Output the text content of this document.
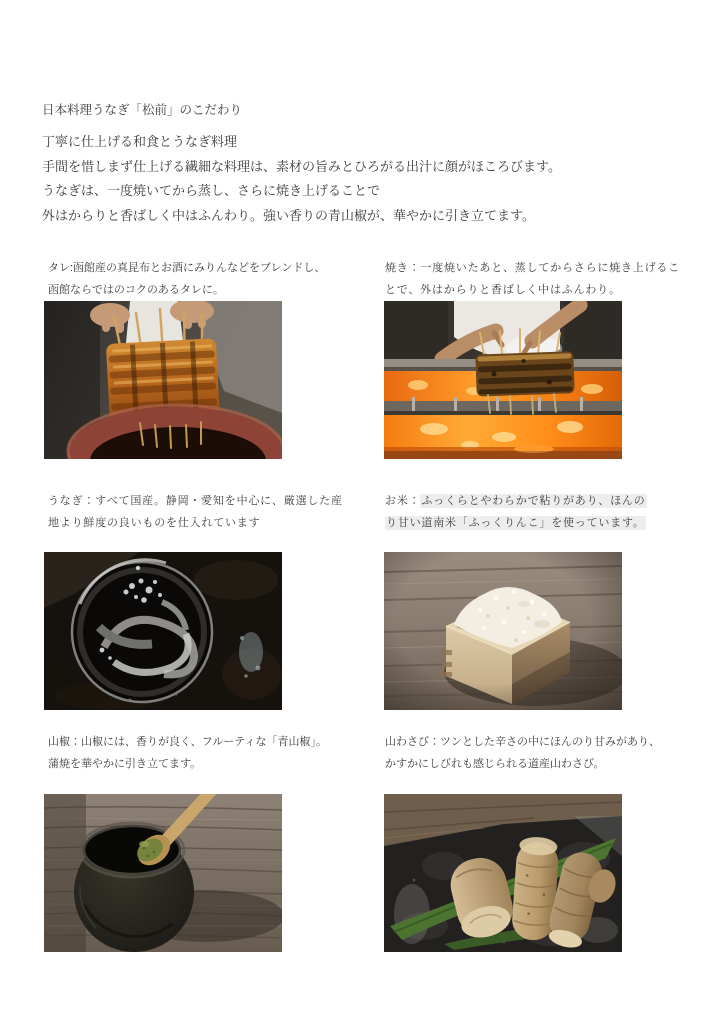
日本料理うなぎ「松前」のこだわり
丁寧に仕上げる和食とうなぎ料理
手間を惜しまず仕上げる繊細な料理は、素材の旨みとひろがる出汁に顔がほころびます。
うなぎは、一度焼いてから蒸し、さらに焼き上げることで
外はからりと香ばしく中はふんわり。強い香りの青山椒が、華やかに引き立てます。

タレ:函館産の真昆布とお酒にみりんなどをブレンドし、
函館ならではのコクのあるタレに。

焼き：一度焼いたあと、蒸してからさらに焼き上げるこ
とで、外はからりと香ばしく中はふんわり。

うなぎ：すべて国産。静岡・愛知を中心に、厳選した産
地より鮮度の良いものを仕入れています

お米：ふっくらとやわらかで粘りがあり、ほんの
り甘い道南米「ふっくりんこ」を使っています。

山椒：山椒には、香りが良く、フルーティな「青山椒」。
蒲焼を華やかに引き立てます。

山わさび：ツンとした辛さの中にほんのり甘みがあり、
かすかにしびれも感じられる道産山わさび。
